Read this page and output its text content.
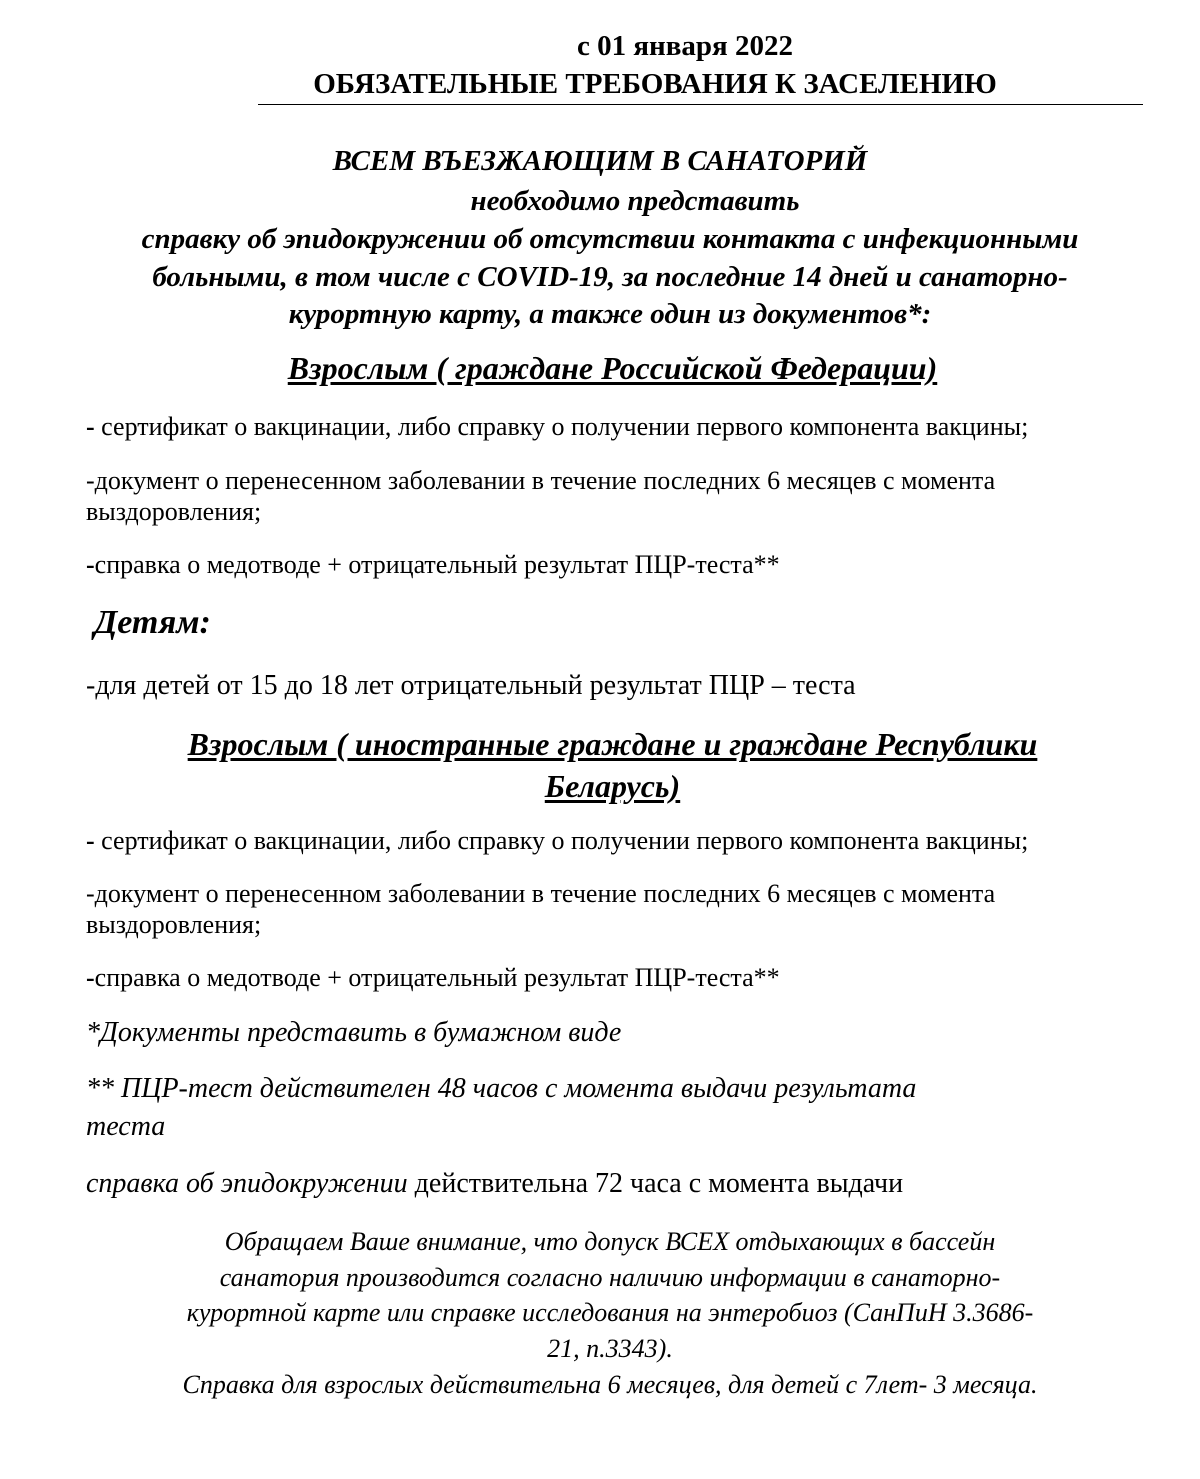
с 01 января 2022
ОБЯЗАТЕЛЬНЫЕ ТРЕБОВАНИЯ К ЗАСЕЛЕНИЮ
ВСЕМ ВЪЕЗЖАЮЩИМ В САНАТОРИЙ
необходимо представить
справку об эпидокружении об отсутствии контакта с инфекционными
больными, в том числе с COVID-19, за последние 14 дней и санаторно-
курортную карту, а также один из документов*:
Взрослым ( граждане Российской Федерации)
- сертификат о вакцинации, либо справку о получении первого компонента вакцины;
-документ о перенесенном заболевании в течение последних 6 месяцев с момента
выздоровления;
-справка о медотводе + отрицательный результат ПЦР-теста**
Детям:
-для детей от 15 до 18 лет отрицательный результат ПЦР – теста
Взрослым ( иностранные граждане и граждане Республики
Беларусь)
- сертификат о вакцинации, либо справку о получении первого компонента вакцины;
-документ о перенесенном заболевании в течение последних 6 месяцев с момента
выздоровления;
-справка о медотводе + отрицательный результат ПЦР-теста**
*Документы представить в бумажном виде
** ПЦР-тест действителен 48 часов с момента выдачи результата
теста
справка об эпидокружении действительна 72 часа с момента выдачи
Обращаем Ваше внимание, что допуск ВСЕХ отдыхающих в бассейн
санатория производится согласно наличию информации в санаторно-
курортной карте или справке исследования на энтеробиоз (СанПиН 3.3686-
21, п.3343).
Справка для взрослых действительна 6 месяцев, для детей с 7лет- 3 месяца.
